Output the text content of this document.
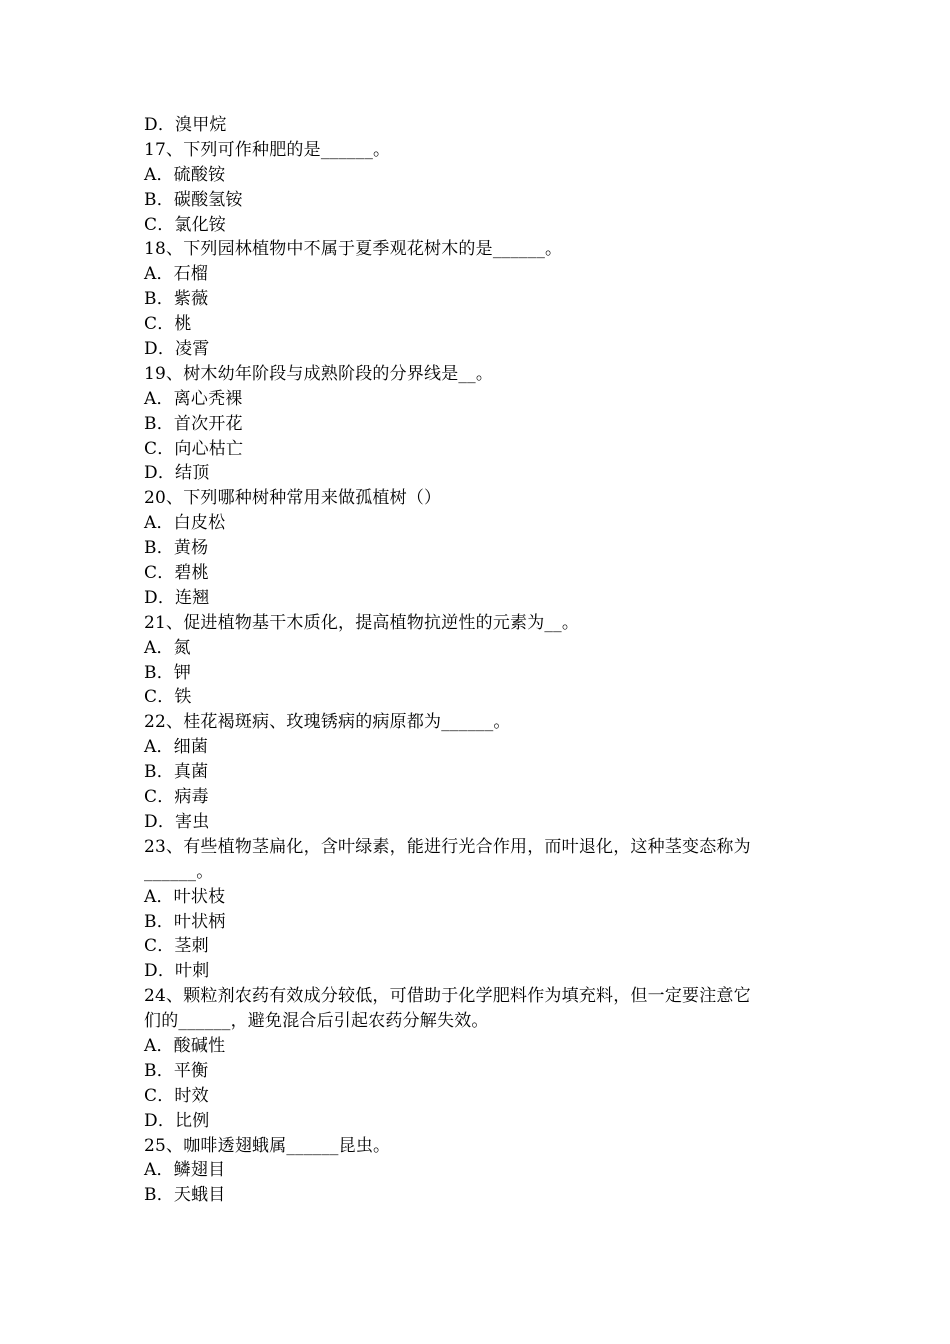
D．溴甲烷
17、下列可作种肥的是______。
A．硫酸铵
B．碳酸氢铵
C．氯化铵
18、下列园林植物中不属于夏季观花树木的是______。
A．石榴
B．紫薇
C．桃
D．凌霄
19、树木幼年阶段与成熟阶段的分界线是__。
A．离心秃裸
B．首次开花
C．向心枯亡
D．结顶
20、下列哪种树种常用来做孤植树（）
A．白皮松
B．黄杨
C．碧桃
D．连翘
21、促进植物基干木质化，提高植物抗逆性的元素为__。
A．氮
B．钾
C．铁
22、桂花褐斑病、玫瑰锈病的病原都为______。
A．细菌
B．真菌
C．病毒
D．害虫
23、有些植物茎扁化，含叶绿素，能进行光合作用，而叶退化，这种茎变态称为
______。
A．叶状枝
B．叶状柄
C．茎刺
D．叶刺
24、颗粒剂农药有效成分较低，可借助于化学肥料作为填充料，但一定要注意它
们的______，避免混合后引起农药分解失效。
A．酸碱性
B．平衡
C．时效
D．比例
25、咖啡透翅蛾属______昆虫。
A．鳞翅目
B．天蛾目
